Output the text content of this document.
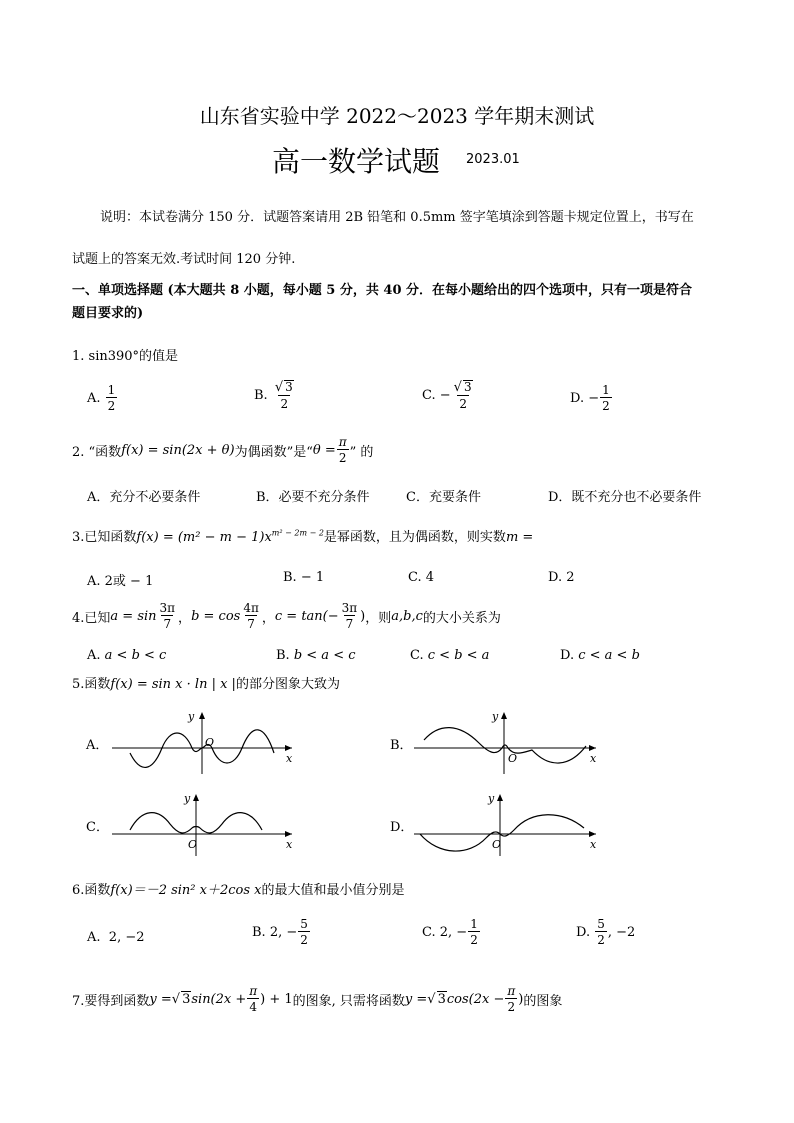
山东省实验中学 2022～2023 学年期末测试
高一数学试题 2023.01
说明：本试卷满分 150 分．试题答案请用 2B 铅笔和 0.5mm 签字笔填涂到答题卡规定位置上，书写在
试题上的答案无效.考试时间 120 分钟.
一、单项选择题 (本大题共 8 小题，每小题 5 分，共 40 分．在每小题给出的四个选项中，只有一项是符合
题目要求的)
1. sin390°的值是
A.
$\frac{1}{2}$	B.
$\frac{√ 3}{2}$	C.
− $\frac{√ 3}{2}$	D.
− $\frac{1}{2}$
2. “函数 f(x) = sin(2x + θ) 为偶函数”是“ $\theta = \frac{\pi}{2}$ ” 的
A．充分不必要条件	B．必要不充分条件	C．充要条件	D．既不充分也不必要条件
3.已知函数$f(x) = (m^2 - m - 1)x^{m^2 - 2m - 2}$是幂函数，且为偶函数，则实数m =
A. 2或 − 1	B. − 1	C. 4	D. 2
4.已知 $a = \sin \frac{3\pi}{7}$ ， $b = \cos \frac{4\pi}{7}$ ， $c = \tan(- \frac{3\pi}{7}$ ) ，则 a,b,c 的大小关系为
A. a < b < c	B. b < a < c	C. c < b < a	D. c < a < b
5.函数f(x) = sin x · ln | x |的部分图象大致为
A．
y
x
O	B．
y
x
O
C．
y
x
O
D．
y
x
O
6.函数f(x)＝－2 sin² x＋2cos x的最大值和最小值分别是
A. 2, −2	B.
2, − $\frac{5}{2}$	C.
2, − $\frac{1}{2}$	D.
$\frac{5}{2}$ , −2
7.要得到函数 y = √ 3 $\sin(2x + \frac{\pi}{4}$ ) + 1 的图象, 只需将函数 y = √ 3 $\cos(2x - \frac{\pi}{2}$ ) 的图象
